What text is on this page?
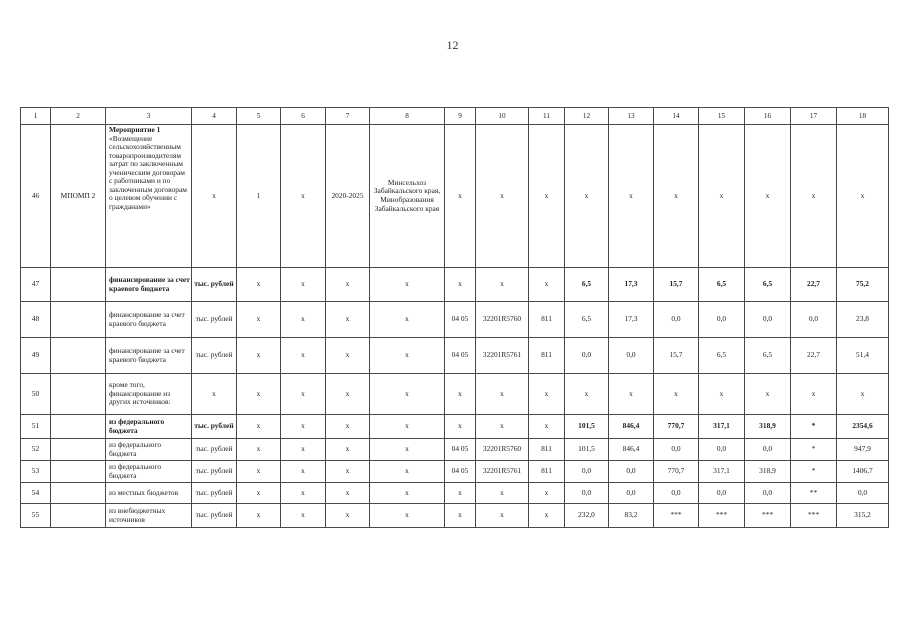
12
1	2	3	4	5	6	7	8	9	10	11	12	13	14	15	16	17	18
46	МПОМП 2	Мероприятие 1 «Возмещение сельскохозяйственным товаропроизводителям затрат по заключенным ученическим договорам с работниками и по заключенным договорам о целевом обучении с гражданами»	х	1	х	2020-2025	Минсельхоз Забайкальского края, Минобразования Забайкальского края	х	х	х	х	х	х	х	х	х	х
47		финансирование за счет краевого бюджета	тыс. рублей	х	х	х	х	х	х	х	6,5	17,3	15,7	6,5	6,5	22,7	75,2
48		финансирование за счет краевого бюджета	тыс. рублей	х	х	х	х	04 05	32201R5760	811	6,5	17,3	0,0	0,0	0,0	0,0	23,8
49		финансирование за счет краевого бюджета	тыс. рублей	х	х	х	х	04 05	32201R5761	811	0,0	0,0	15,7	6,5	6,5	22,7	51,4
50		кроме того, финансирование из других источников:	х	х	х	х	х	х	х	х	х	х	х	х	х	х	х
51		из федерального бюджета	тыс. рублей	х	х	х	х	х	х	х	101,5	846,4	770,7	317,1	318,9	*	2354,6
52		из федерального бюджета	тыс. рублей	х	х	х	х	04 05	32201R5760	811	101,5	846,4	0,0	0,0	0,0	*	947,9
53		из федерального бюджета	тыс. рублей	х	х	х	х	04 05	32201R5761	811	0,0	0,0	770,7	317,1	318,9	*	1406,7
54		из местных бюджетов	тыс. рублей	х	х	х	х	х	х	х	0,0	0,0	0,0	0,0	0,0	**	0,0
55		из внебюджетных источников	тыс. рублей	х	х	х	х	х	х	х	232,0	83,2	***	***	***	***	315,2
